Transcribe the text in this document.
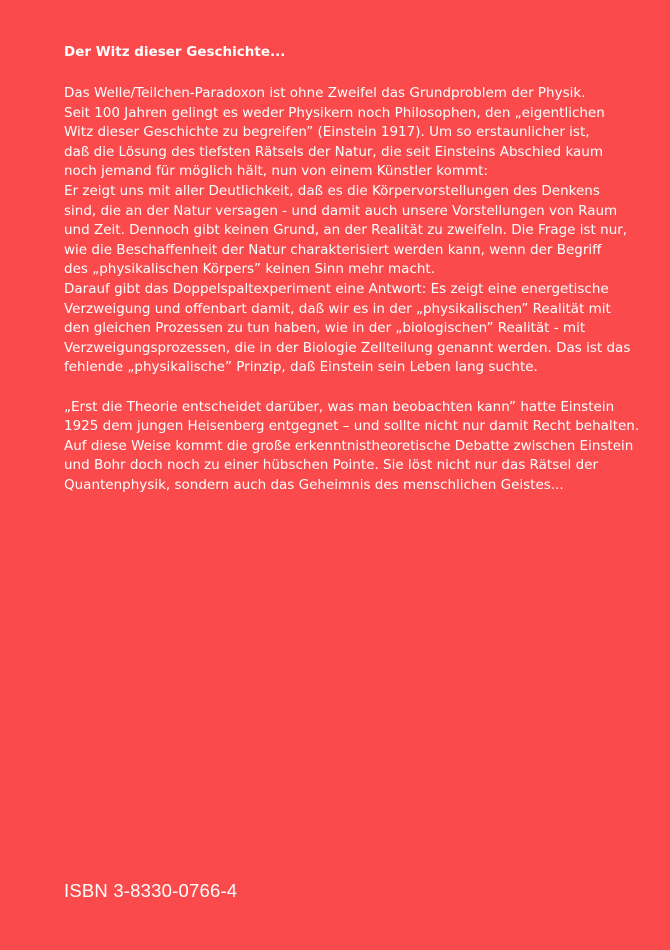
Der Witz dieser Geschichte...

Das Welle/Teilchen-Paradoxon ist ohne Zweifel das Grundproblem der Physik.
Seit 100 Jahren gelingt es weder Physikern noch Philosophen, den „eigentlichen
Witz dieser Geschichte zu begreifen” (Einstein 1917). Um so erstaunlicher ist,
daß die Lösung des tiefsten Rätsels der Natur, die seit Einsteins Abschied kaum
noch jemand für möglich hält, nun von einem Künstler kommt:
Er zeigt uns mit aller Deutlichkeit, daß es die Körpervorstellungen des Denkens
sind, die an der Natur versagen - und damit auch unsere Vorstellungen von Raum
und Zeit. Dennoch gibt keinen Grund, an der Realität zu zweifeln. Die Frage ist nur,
wie die Beschaffenheit der Natur charakterisiert werden kann, wenn der Begriff
des „physikalischen Körpers” keinen Sinn mehr macht.
Darauf gibt das Doppelspaltexperiment eine Antwort: Es zeigt eine energetische
Verzweigung und offenbart damit, daß wir es in der „physikalischen” Realität mit
den gleichen Prozessen zu tun haben, wie in der „biologischen” Realität - mit
Verzweigungsprozessen, die in der Biologie Zellteilung genannt werden. Das ist das
fehlende „physikalische” Prinzip, daß Einstein sein Leben lang suchte.

„Erst die Theorie entscheidet darüber, was man beobachten kann” hatte Einstein
1925 dem jungen Heisenberg entgegnet – und sollte nicht nur damit Recht behalten.
Auf diese Weise kommt die große erkenntnistheoretische Debatte zwischen Einstein
und Bohr doch noch zu einer hübschen Pointe. Sie löst nicht nur das Rätsel der
Quantenphysik, sondern auch das Geheimnis des menschlichen Geistes...

ISBN 3-8330-0766-4
